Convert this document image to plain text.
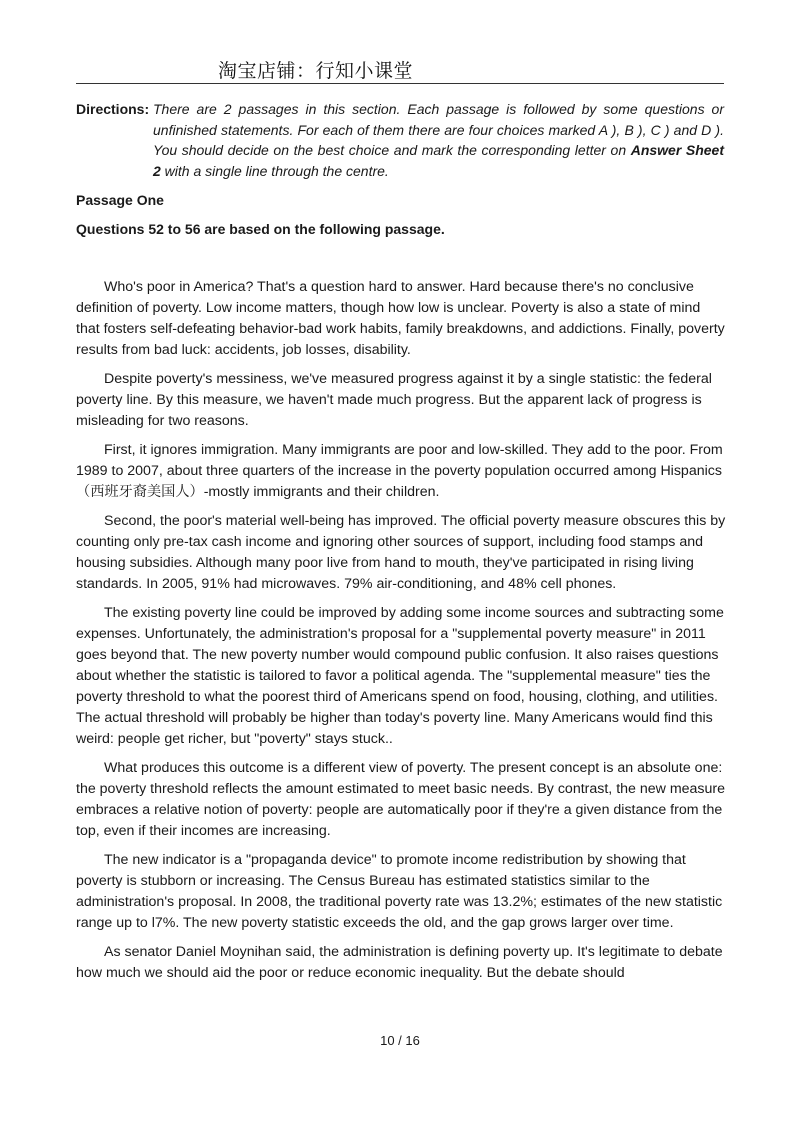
淘宝店铺：行知小课堂
Directions: There are 2 passages in this section. Each passage is followed by some questions or unfinished statements. For each of them there are four choices marked A ), B ), C ) and D ). You should decide on the best choice and mark the corresponding letter on Answer Sheet 2 with a single line through the centre.
Passage One
Questions 52 to 56 are based on the following passage.

Who's poor in America? That's a question hard to answer. Hard because there's no conclusive definition of poverty. Low income matters, though how low is unclear. Poverty is also a state of mind that fosters self-defeating behavior-bad work habits, family breakdowns, and addictions. Finally, poverty results from bad luck: accidents, job losses, disability.

Despite poverty's messiness, we've measured progress against it by a single statistic: the federal poverty line. By this measure, we haven't made much progress. But the apparent lack of progress is misleading for two reasons.

First, it ignores immigration. Many immigrants are poor and low-skilled. They add to the poor. From 1989 to 2007, about three quarters of the increase in the poverty population occurred among Hispanics（西班牙裔美国人）-mostly immigrants and their children.

Second, the poor's material well-being has improved. The official poverty measure obscures this by counting only pre-tax cash income and ignoring other sources of support, including food stamps and housing subsidies. Although many poor live from hand to mouth, they've participated in rising living standards. In 2005, 91% had microwaves. 79% air-conditioning, and 48% cell phones.

The existing poverty line could be improved by adding some income sources and subtracting some expenses. Unfortunately, the administration's proposal for a "supplemental poverty measure" in 2011 goes beyond that. The new poverty number would compound public confusion. It also raises questions about whether the statistic is tailored to favor a political agenda. The "supplemental measure" ties the poverty threshold to what the poorest third of Americans spend on food, housing, clothing, and utilities. The actual threshold will probably be higher than today's poverty line. Many Americans would find this weird: people get richer, but "poverty" stays stuck..

What produces this outcome is a different view of poverty. The present concept is an absolute one: the poverty threshold reflects the amount estimated to meet basic needs. By contrast, the new measure embraces a relative notion of poverty: people are automatically poor if they're a given distance from the top, even if their incomes are increasing.

The new indicator is a "propaganda device" to promote income redistribution by showing that poverty is stubborn or increasing. The Census Bureau has estimated statistics similar to the administration's proposal. In 2008, the traditional poverty rate was 13.2%; estimates of the new statistic range up to l7%. The new poverty statistic exceeds the old, and the gap grows larger over time.

As senator Daniel Moynihan said, the administration is defining poverty up. It's legitimate to debate how much we should aid the poor or reduce economic inequality. But the debate should

10 / 16
